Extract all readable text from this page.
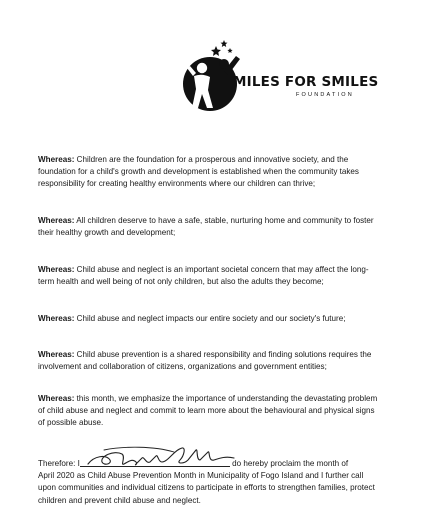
MILES FOR SMILES
FOUNDATION

Whereas: Children are the foundation for a prosperous and innovative society, and the
foundation for a child's growth and development is established when the community takes
responsibility for creating healthy environments where our children can thrive;

Whereas: All children deserve to have a safe, stable, nurturing home and community to foster
their healthy growth and development;

Whereas: Child abuse and neglect is an important societal concern that may affect the long-
term health and well being of not only children, but also the adults they become;

Whereas: Child abuse and neglect impacts our entire society and our society's future;

Whereas: Child abuse prevention is a shared responsibility and finding solutions requires the
involvement and collaboration of citizens, organizations and government entities;

Whereas: this month, we emphasize the importance of understanding the devastating problem
of child abuse and neglect and commit to learn more about the behavioural and physical signs
of possible abuse.

Therefore: I	do hereby proclaim the month of
April 2020 as Child Abuse Prevention Month in Municipality of Fogo Island and I further call
upon communities and individual citizens to participate in efforts to strengthen families, protect
children and prevent child abuse and neglect.
